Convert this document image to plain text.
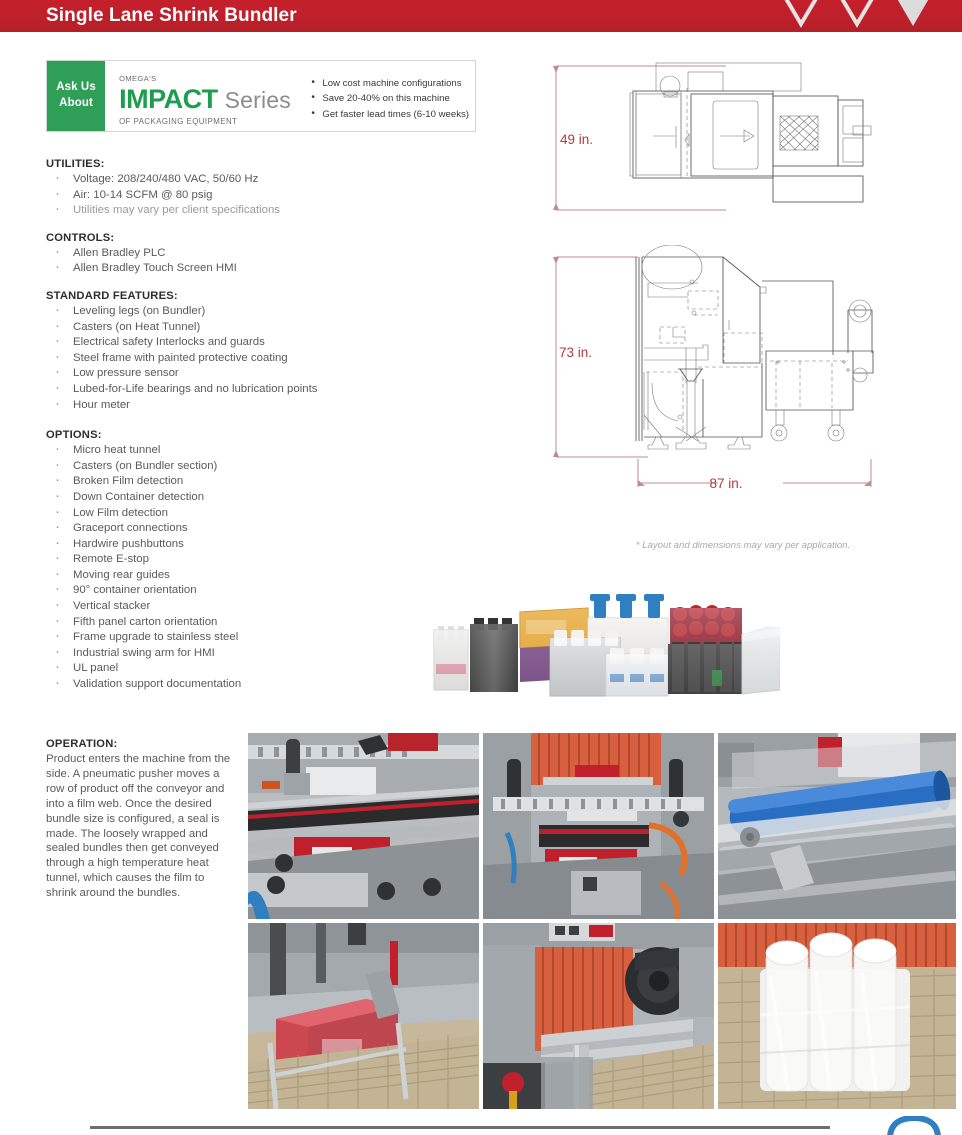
Single Lane Shrink Bundler
Ask Us
About
OMEGA'S
IMPACT Series
OF PACKAGING EQUIPMENT
• Low cost machine configurations
• Save 20-40% on this machine
• Get faster lead times (6-10 weeks)
UTILITIES:
· Voltage: 208/240/480 VAC, 50/60 Hz
· Air: 10-14 SCFM @ 80 psig
· Utilities may vary per client specifications
CONTROLS:
· Allen Bradley PLC
· Allen Bradley Touch Screen HMI
STANDARD FEATURES:
· Leveling legs (on Bundler)
· Casters (on Heat Tunnel)
· Electrical safety Interlocks and guards
· Steel frame with painted protective coating
· Low pressure sensor
· Lubed-for-Life bearings and no lubrication points
· Hour meter
OPTIONS:
· Micro heat tunnel
· Casters (on Bundler section)
· Broken Film detection
· Down Container detection
· Low Film detection
· Graceport connections
· Hardwire pushbuttons
· Remote E-stop
· Moving rear guides
· 90° container orientation
· Vertical stacker
· Fifth panel carton orientation
· Frame upgrade to stainless steel
· Industrial swing arm for HMI
· UL panel
· Validation support documentation
OPERATION:
Product enters the machine from the side. A pneumatic pusher moves a row of product off the conveyor and into a film web. Once the desired bundle size is configured, a seal is made. The loosely wrapped and sealed bundles then get conveyed through a high temperature heat tunnel, which causes the film to shrink around the bundles.
49 in.
73 in.
87 in.
* Layout and dimensions may vary per application.
